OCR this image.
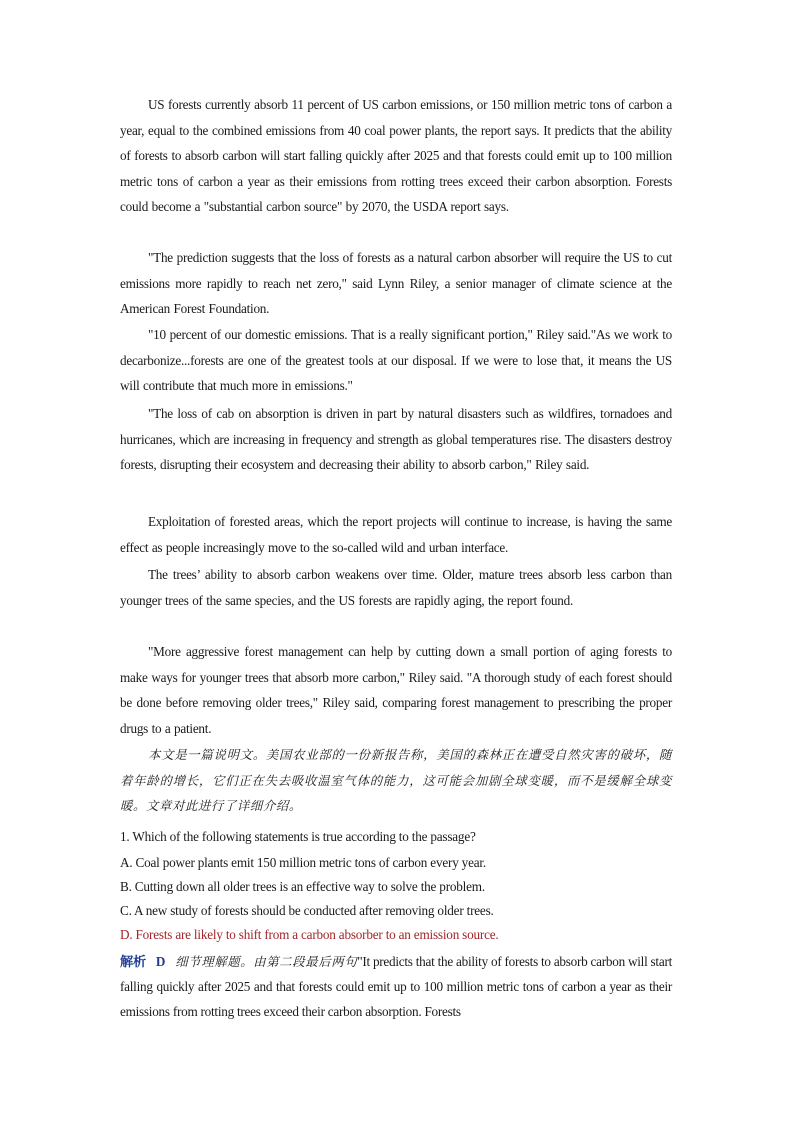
US forests currently absorb 11 percent of US carbon emissions, or 150 million metric tons of carbon a year, equal to the combined emissions from 40 coal power plants, the report says. It predicts that the ability of forests to absorb carbon will start falling quickly after 2025 and that forests could emit up to 100 million metric tons of carbon a year as their emissions from rotting trees exceed their carbon absorption. Forests could become a "substantial carbon source" by 2070, the USDA report says.

"The prediction suggests that the loss of forests as a natural carbon absorber will require the US to cut emissions more rapidly to reach net zero," said Lynn Riley, a senior manager of climate science at the American Forest Foundation.

"10 percent of our domestic emissions. That is a really significant portion," Riley said."As we work to decarbonize...forests are one of the greatest tools at our disposal. If we were to lose that, it means the US will contribute that much more in emissions."

"The loss of cab on absorption is driven in part by natural disasters such as wildfires, tornadoes and hurricanes, which are increasing in frequency and strength as global temperatures rise. The disasters destroy forests, disrupting their ecosystem and decreasing their ability to absorb carbon," Riley said.

Exploitation of forested areas, which the report projects will continue to increase, is having the same effect as people increasingly move to the so-called wild and urban interface.

The trees’ ability to absorb carbon weakens over time. Older, mature trees absorb less carbon than younger trees of the same species, and the US forests are rapidly aging, the report found.

"More aggressive forest management can help by cutting down a small portion of aging forests to make ways for younger trees that absorb more carbon," Riley said. "A thorough study of each forest should be done before removing older trees," Riley said, comparing forest management to prescribing the proper drugs to a patient.

本文是一篇说明文。美国农业部的一份新报告称，美国的森林正在遭受自然灾害的破坏，随着年龄的增长，它们正在失去吸收温室气体的能力，这可能会加剧全球变暖，而不是缓解全球变暖。文章对此进行了详细介绍。

1. Which of the following statements is true according to the passage?

A. Coal power plants emit 150 million metric tons of carbon every year.

B. Cutting down all older trees is an effective way to solve the problem.

C. A new study of forests should be conducted after removing older trees.

D. Forests are likely to shift from a carbon absorber to an emission source.

解析 D 细节理解题。由第二段最后两句"It predicts that the ability of forests to absorb carbon will start falling quickly after 2025 and that forests could emit up to 100 million metric tons of carbon a year as their emissions from rotting trees exceed their carbon absorption. Forests
